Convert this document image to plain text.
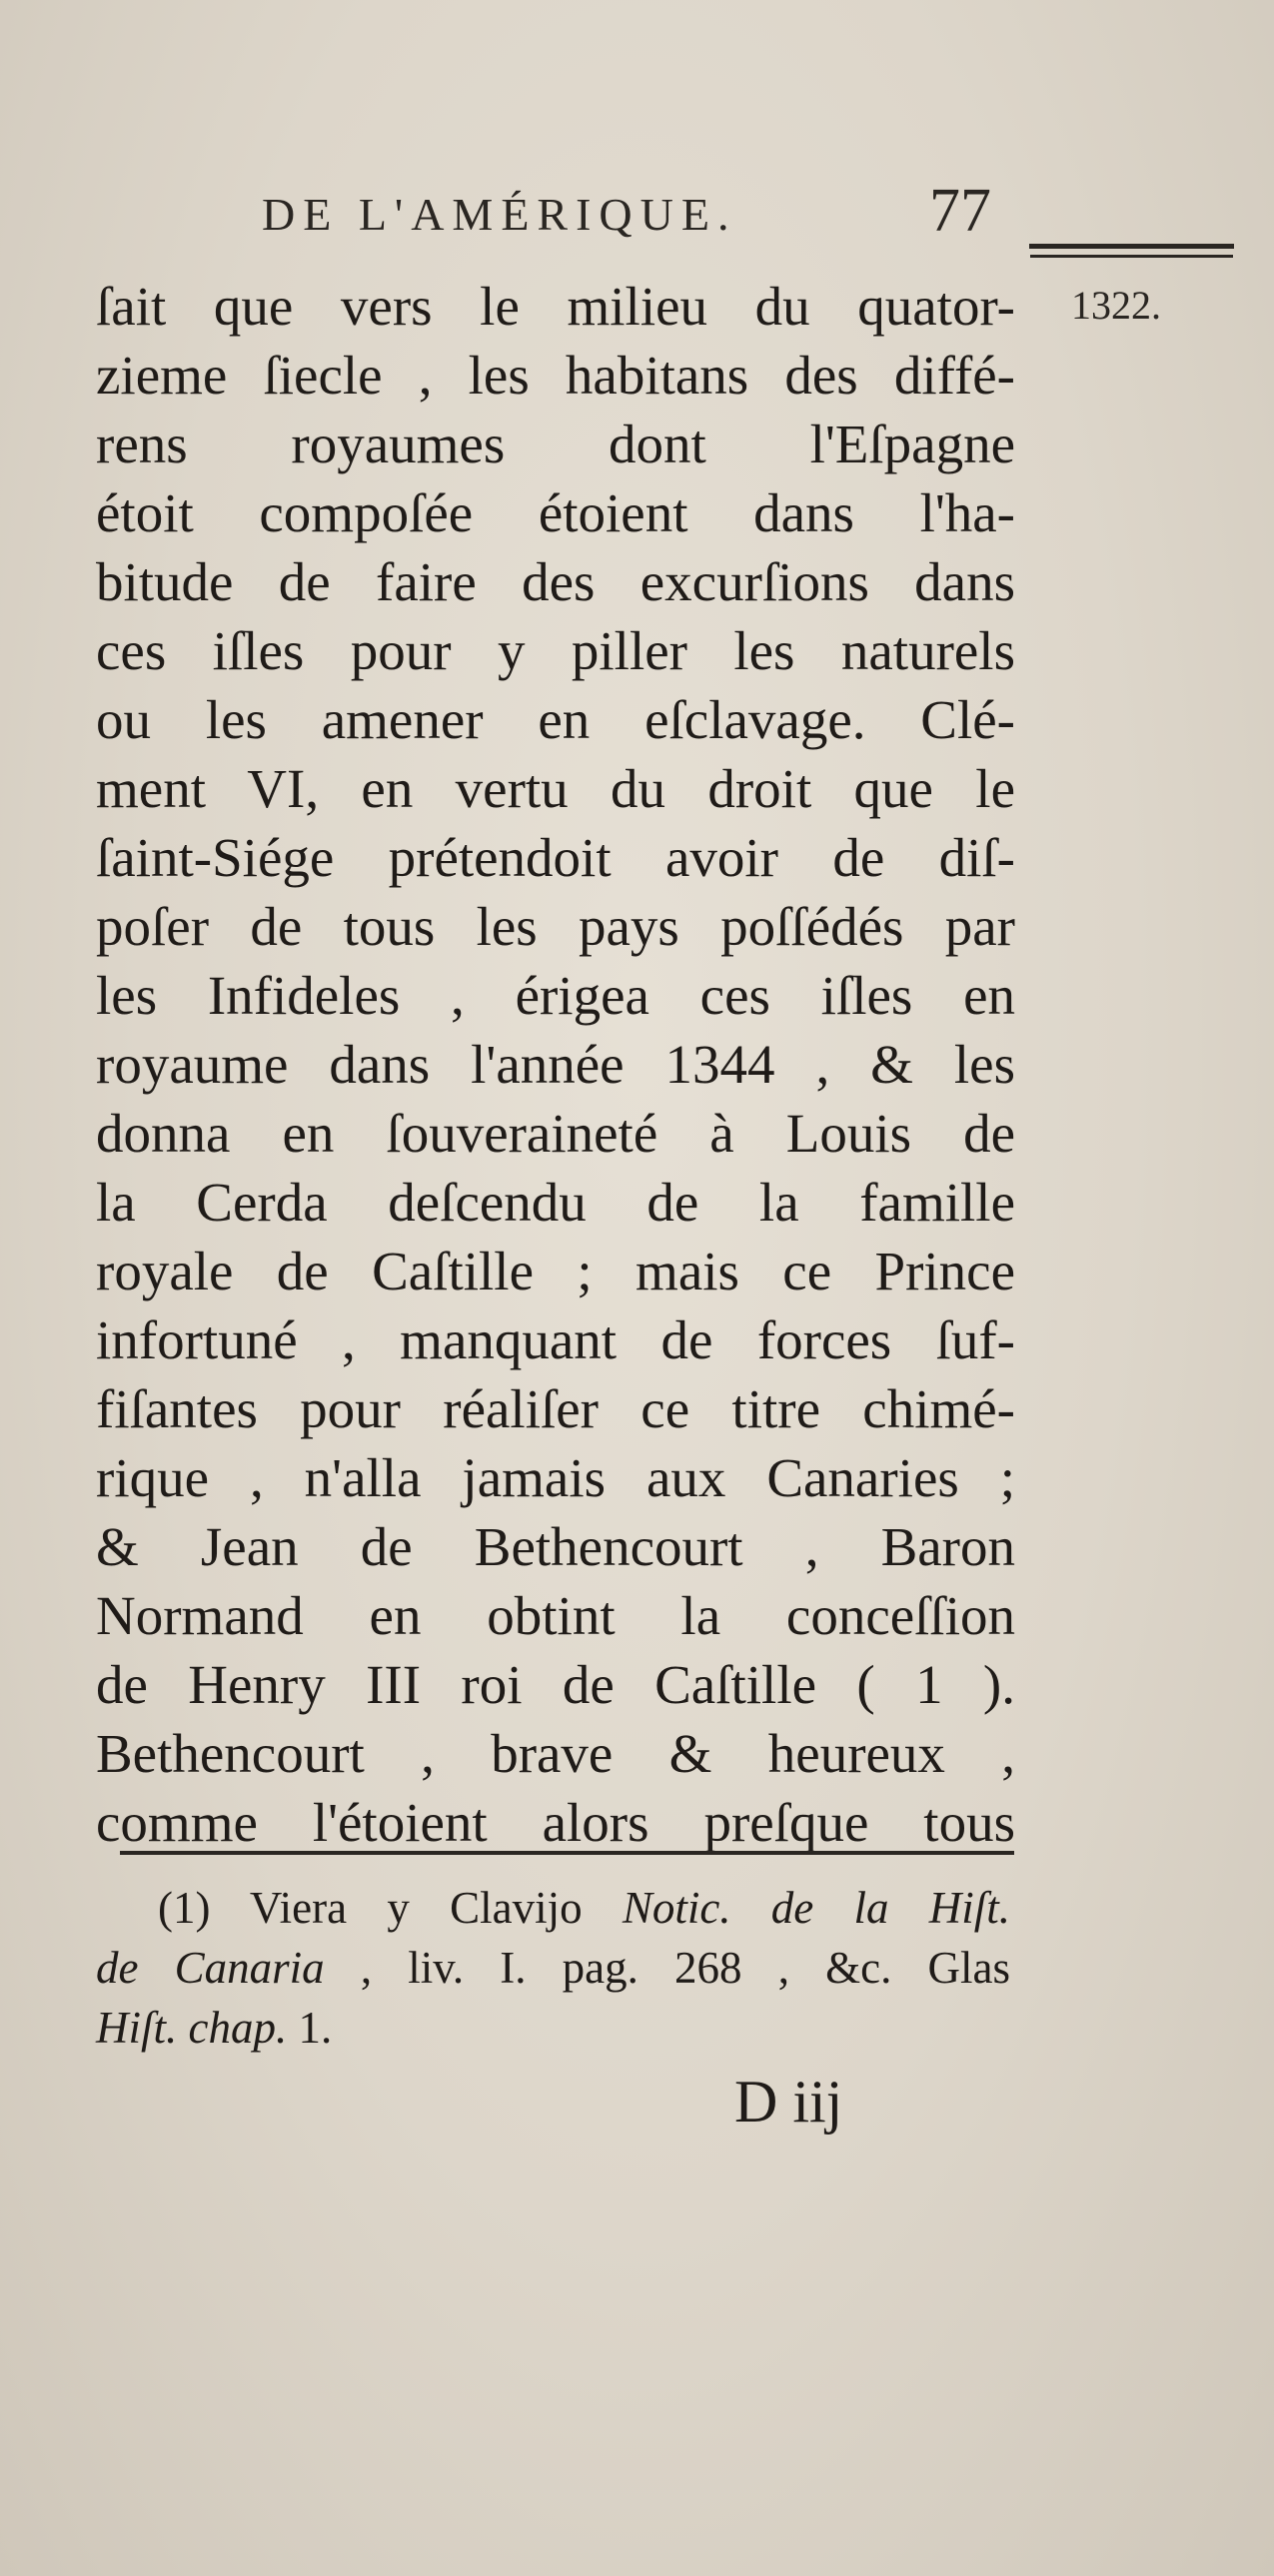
DE L'AMÉRIQUE.	77
1322.
ſait que vers le milieu du quator-
zieme ſiecle , les habitans des diffé-
rens royaumes dont l'Eſpagne
étoit compoſée étoient dans l'ha-
bitude de faire des excurſions dans
ces iſles pour y piller les naturels
ou les amener en eſclavage. Clé-
ment VI, en vertu du droit que le
ſaint-Siége prétendoit avoir de diſ-
poſer de tous les pays poſſédés par
les Infideles , érigea ces iſles en
royaume dans l'année 1344 , & les
donna en ſouveraineté à Louis de
la Cerda deſcendu de la famille
royale de Caſtille ; mais ce Prince
infortuné , manquant de forces ſuf-
fiſantes pour réaliſer ce titre chimé-
rique , n'alla jamais aux Canaries ;
& Jean de Bethencourt , Baron
Normand en obtint la conceſſion
de Henry III roi de Caſtille ( 1 ).
Bethencourt , brave & heureux ,
comme l'étoient alors preſque tous
(1) Viera y Clavijo Notic. de la Hiſt.
de Canaria , liv. I. pag. 268 , &c. Glas
Hiſt. chap. 1.
D iij
